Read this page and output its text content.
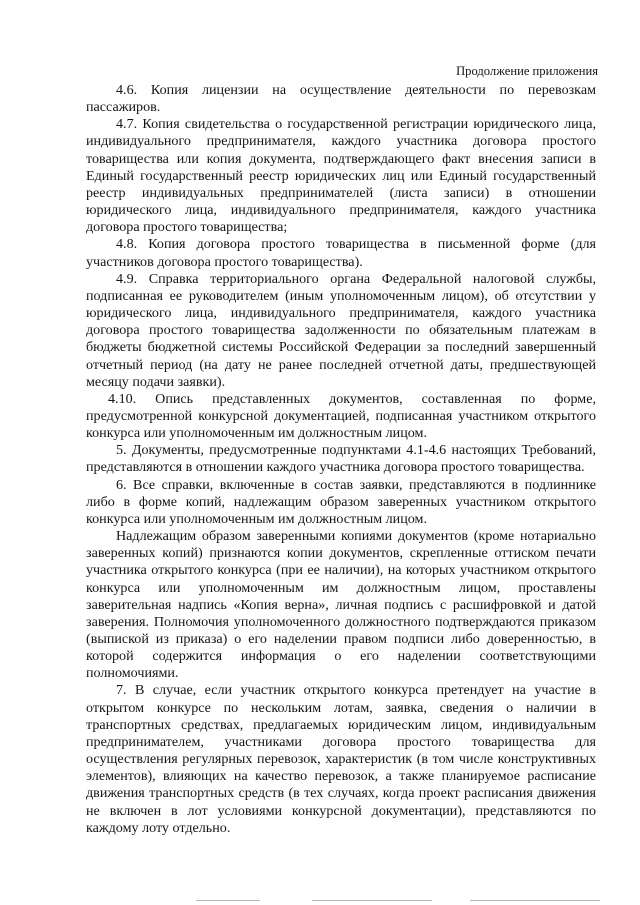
Продолжение приложения

4.6. Копия лицензии на осуществление деятельности по перевозкам пассажиров.

4.7. Копия свидетельства о государственной регистрации юридического лица, индивидуального предпринимателя, каждого участника договора простого товарищества или копия документа, подтверждающего факт внесения записи в Единый государственный реестр юридических лиц или Единый государственный реестр индивидуальных предпринимателей (листа записи) в отношении юридического лица, индивидуального предпринимателя, каждого участника договора простого товарищества;

4.8. Копия договора простого товарищества в письменной форме (для участников договора простого товарищества).

4.9. Справка территориального органа Федеральной налоговой службы, подписанная ее руководителем (иным уполномоченным лицом), об отсутствии у юридического лица, индивидуального предпринимателя, каждого участника договора простого товарищества задолженности по обязательным платежам в бюджеты бюджетной системы Российской Федерации за последний завершенный отчетный период (на дату не ранее последней отчетной даты, предшествующей месяцу подачи заявки).

4.10. Опись представленных документов, составленная по форме, предусмотренной конкурсной документацией, подписанная участником открытого конкурса или уполномоченным им должностным лицом.

5. Документы, предусмотренные подпунктами 4.1-4.6 настоящих Требований, представляются в отношении каждого участника договора простого товарищества.

6. Все справки, включенные в состав заявки, представляются в подлиннике либо в форме копий, надлежащим образом заверенных участником открытого конкурса или уполномоченным им должностным лицом.

Надлежащим образом заверенными копиями документов (кроме нотариально заверенных копий) признаются копии документов, скрепленные оттиском печати участника открытого конкурса (при ее наличии), на которых участником открытого конкурса или уполномоченным им должностным лицом, проставлены заверительная надпись «Копия верна», личная подпись с расшифровкой и датой заверения. Полномочия уполномоченного должностного подтверждаются приказом (выпиской из приказа) о его наделении правом подписи либо доверенностью, в которой содержится информация о его наделении соответствующими полномочиями.

7. В случае, если участник открытого конкурса претендует на участие в открытом конкурсе по нескольким лотам, заявка, сведения о наличии в транспортных средствах, предлагаемых юридическим лицом, индивидуальным предпринимателем, участниками договора простого товарищества для осуществления регулярных перевозок, характеристик (в том числе конструктивных элементов), влияющих на качество перевозок, а также планируемое расписание движения транспортных средств (в тех случаях, когда проект расписания движения не включен в лот условиями конкурсной документации), представляются по каждому лоту отдельно.
